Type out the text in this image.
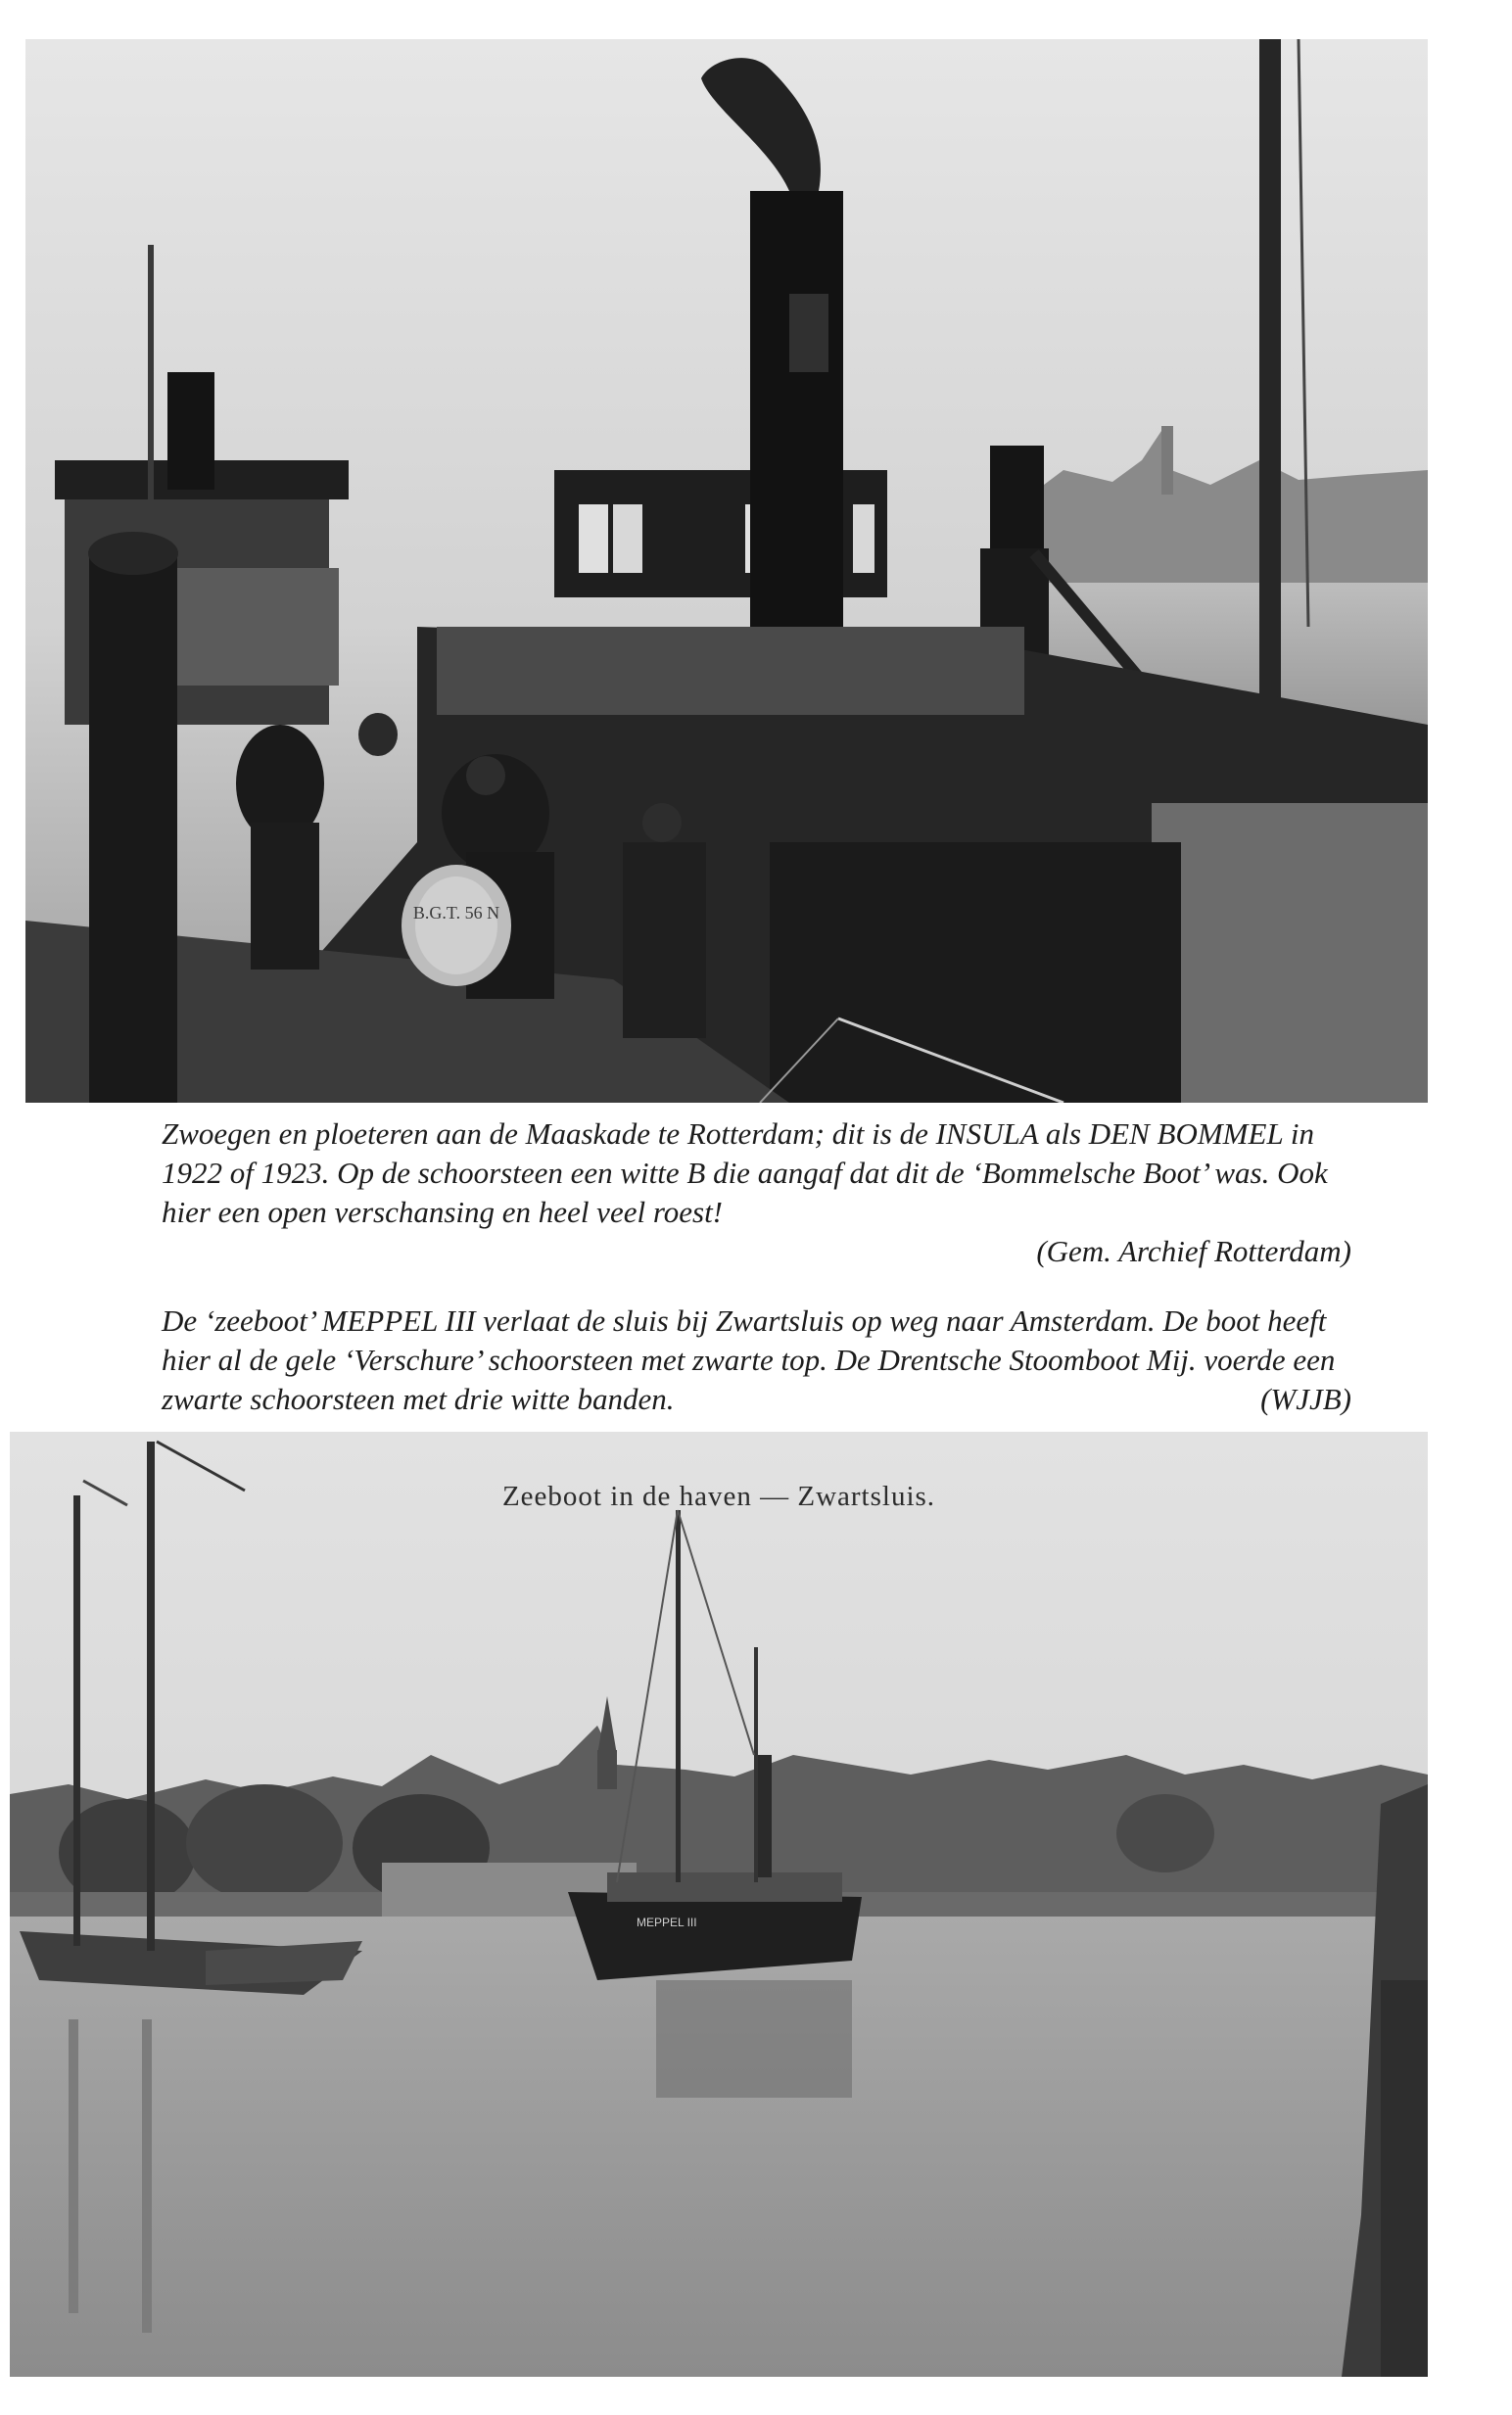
B.G.T. 56 N

Zwoegen en ploeteren aan de Maaskade te Rotterdam; dit is de INSULA als DEN BOMMEL in 1922 of 1923. Op de schoorsteen een witte B die aangaf dat dit de ‘Bommelsche Boot’ was. Ook hier een open verschansing en heel veel roest!
(Gem. Archief Rotterdam)

De ‘zeeboot’ MEPPEL III verlaat de sluis bij Zwartsluis op weg naar Amsterdam. De boot heeft hier al de gele ‘Verschure’ schoorsteen met zwarte top. De Drentsche Stoomboot Mij. voerde een zwarte schoorsteen met drie witte banden.	(WJJB)

MEPPEL III
Zeeboot in de haven — Zwartsluis.
